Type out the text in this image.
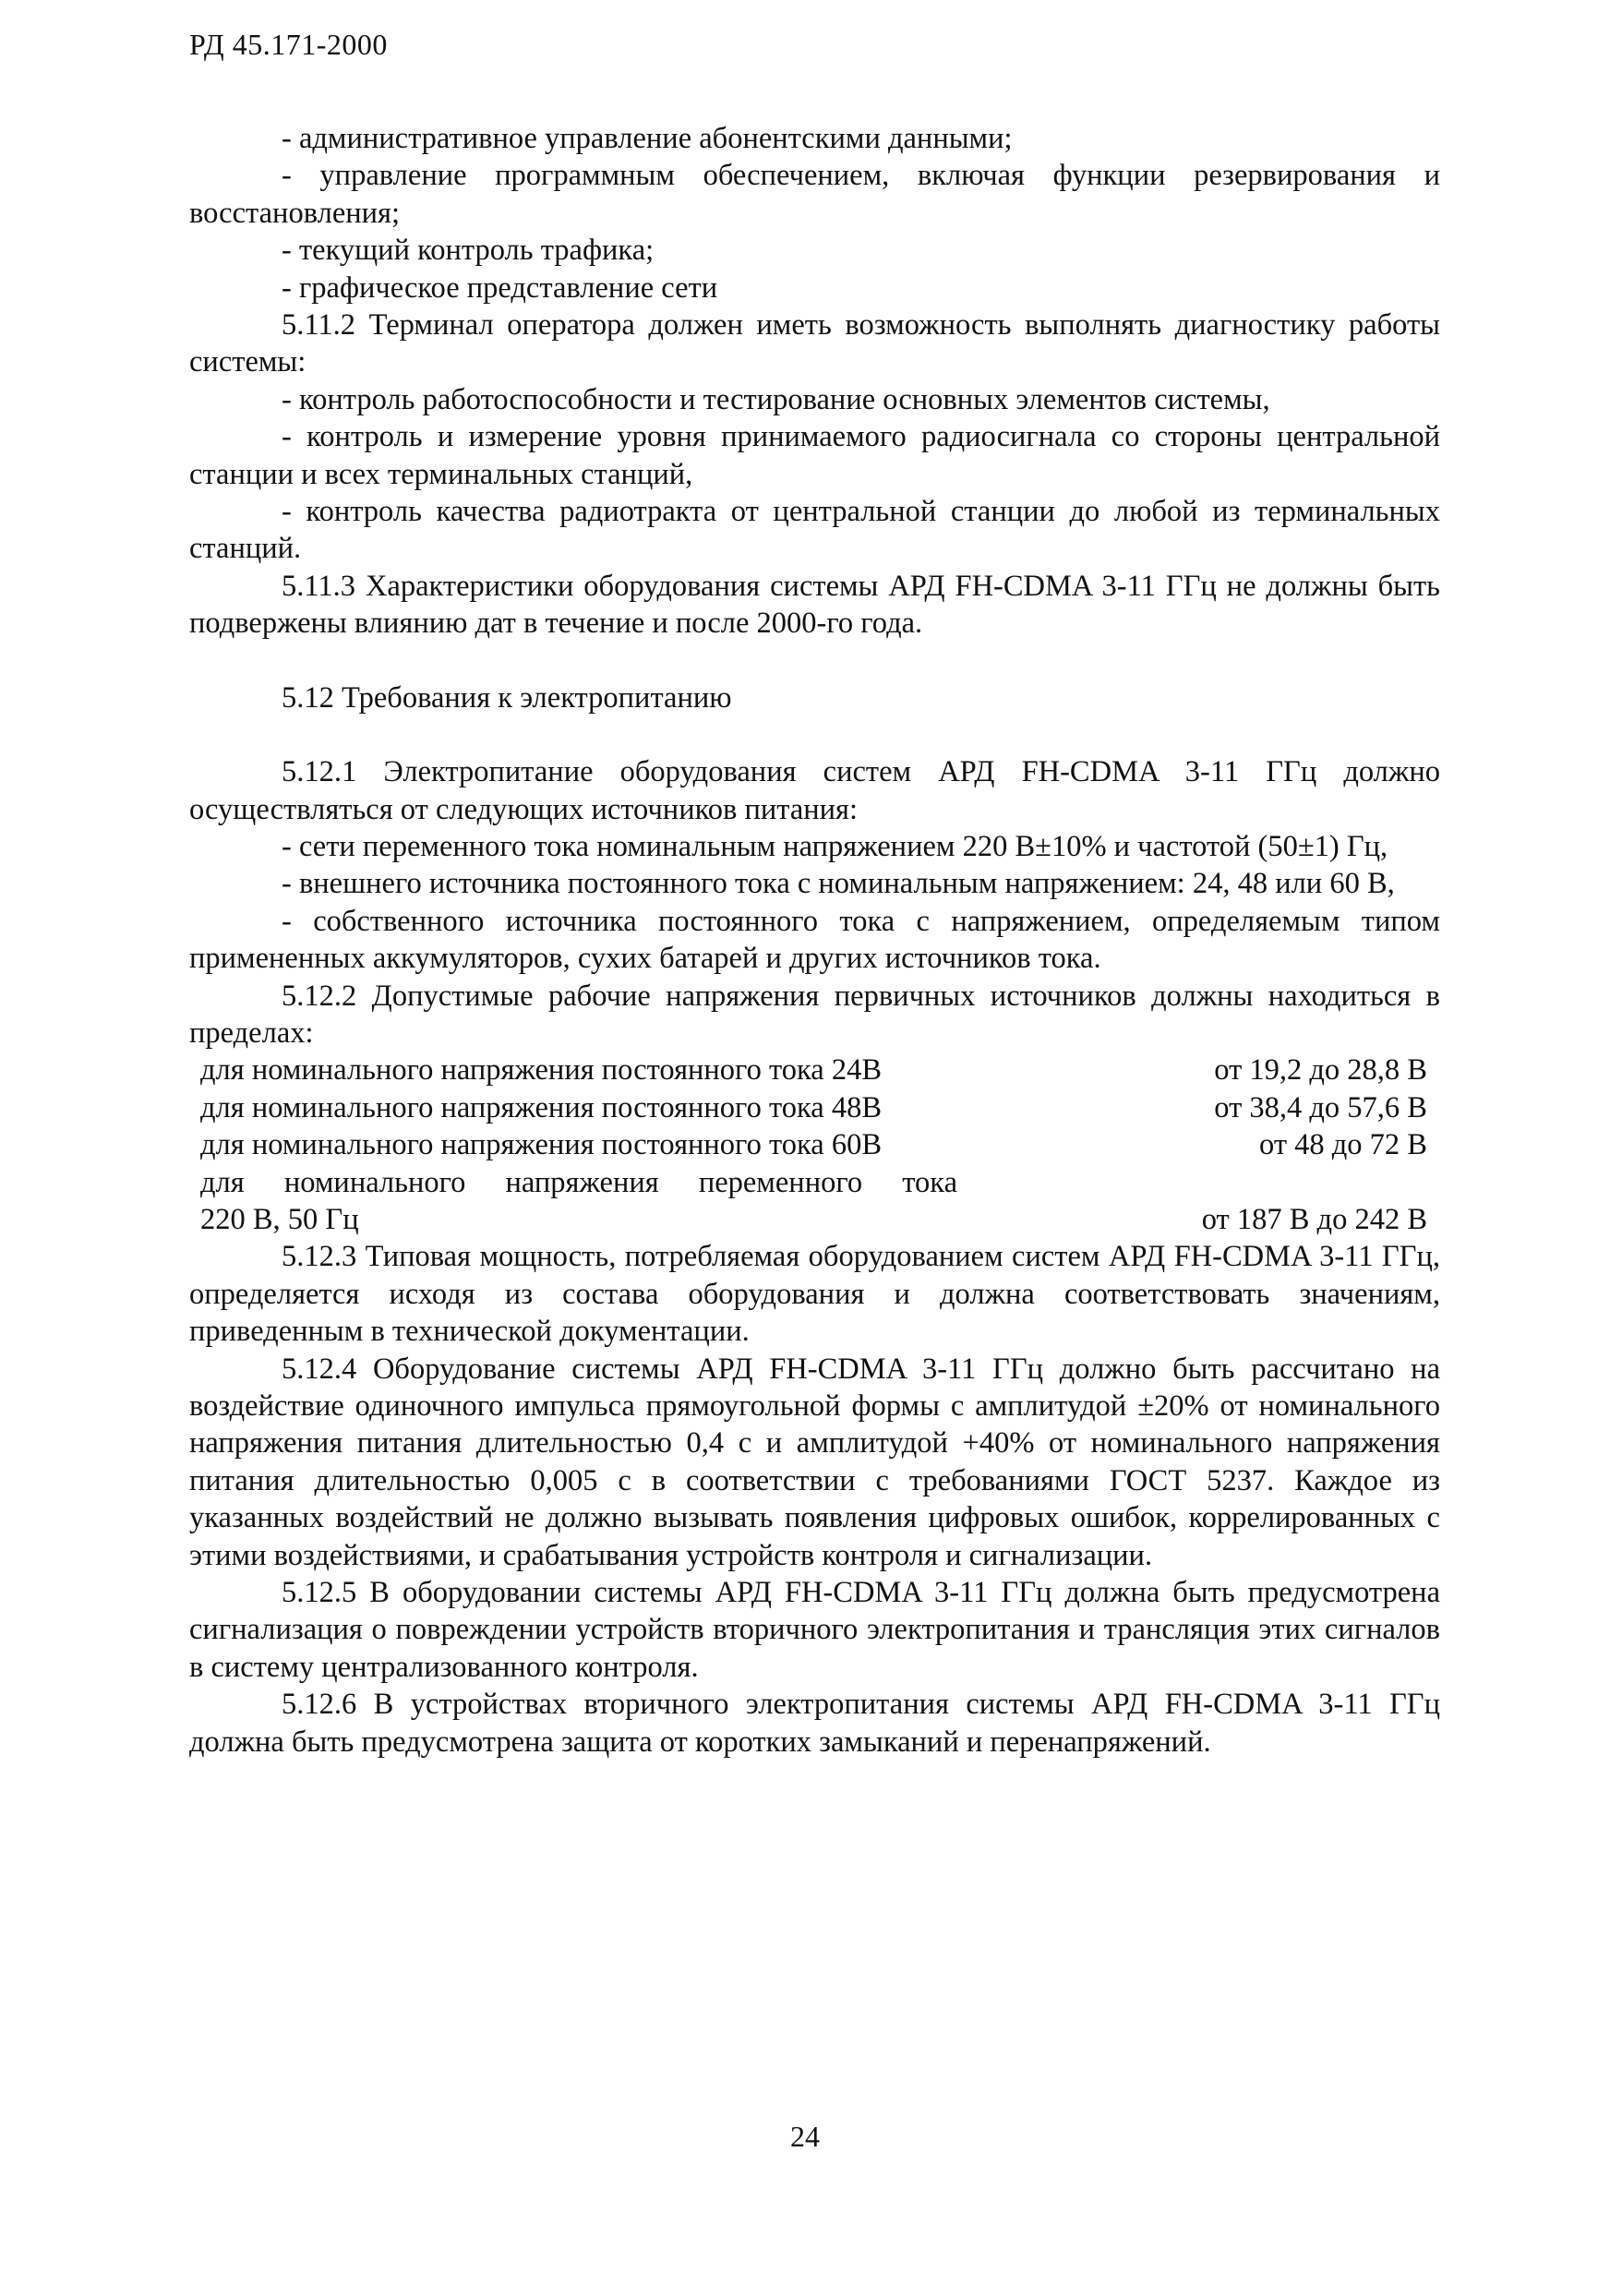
РД 45.171-2000

- административное управление абонентскими данными;

- управление программным обеспечением, включая функции резервирования и восстановления;

- текущий контроль трафика;

- графическое представление сети

5.11.2 Терминал оператора должен иметь возможность выполнять диагностику работы системы:

- контроль работоспособности и тестирование основных элементов системы,

- контроль и измерение уровня принимаемого радиосигнала со стороны центральной станции и всех терминальных станций,

- контроль качества радиотракта от центральной станции до любой из терминальных станций.

5.11.3 Характеристики оборудования системы АРД FH-CDMA 3-11 ГГц не должны быть подвержены влиянию дат в течение и после 2000-го года.

5.12 Требования к электропитанию

5.12.1 Электропитание оборудования систем АРД FH-CDMA 3-11 ГГц должно осуществляться от следующих источников питания:

- сети переменного тока номинальным напряжением 220 В±10% и частотой (50±1) Гц,

- внешнего источника постоянного тока с номинальным напряжением: 24, 48 или 60 В,

- собственного источника постоянного тока с напряжением, определяемым типом примененных аккумуляторов, сухих батарей и других источников тока.

5.12.2 Допустимые рабочие напряжения первичных источников должны находиться в пределах:

для номинального напряжения постоянного тока 24В	от 19,2 до 28,8 В
для номинального напряжения постоянного тока 48В	от 38,4 до 57,6 В
для номинального напряжения постоянного тока 60В	от 48 до 72 В
для номинального напряжения переменного тока
220 В, 50 Гц	от 187 В до 242 В

5.12.3 Типовая мощность, потребляемая оборудованием систем АРД FH-CDMA 3-11 ГГц, определяется исходя из состава оборудования и должна соответствовать значениям, приведенным в технической документации.

5.12.4 Оборудование системы АРД FH-CDMA 3-11 ГГц должно быть рассчитано на воздействие одиночного импульса прямоугольной формы с амплитудой ±20% от номинального напряжения питания длительностью 0,4 с и амплитудой +40% от номинального напряжения питания длительностью 0,005 с в соответствии с требованиями ГОСТ 5237. Каждое из указанных воздействий не должно вызывать появления цифровых ошибок, коррелированных с этими воздействиями, и срабатывания устройств контроля и сигнализации.

5.12.5 В оборудовании системы АРД FH-CDMA 3-11 ГГц должна быть предусмотрена сигнализация о повреждении устройств вторичного электропитания и трансляция этих сигналов в систему централизованного контроля.

5.12.6 В устройствах вторичного электропитания системы АРД FH-CDMA 3-11 ГГц должна быть предусмотрена защита от коротких замыканий и перенапряжений.

24
